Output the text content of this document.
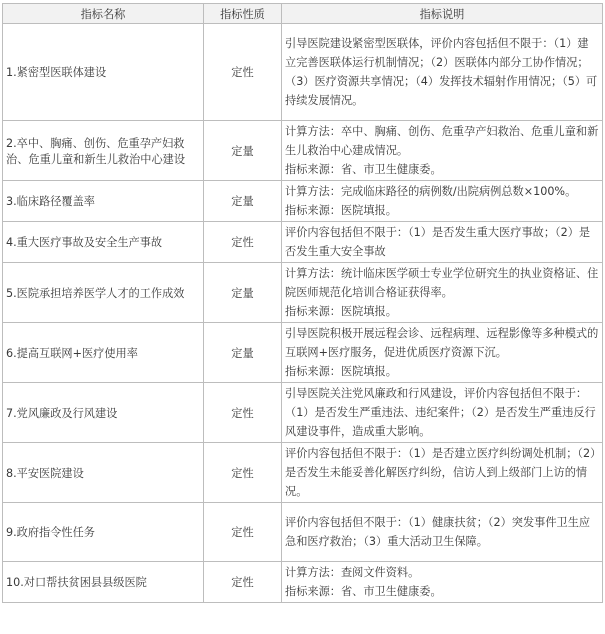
指标名称	指标性质	指标说明
1.紧密型医联体建设	定性	引导医院建设紧密型医联体，评价内容包括但不限于：（1）建立完善医联体运行机制情况；（2）医联体内部分工协作情况；（3）医疗资源共享情况；（4）发挥技术辐射作用情况；（5）可持续发展情况。

2.卒中、胸痛、创伤、危重孕产妇救治、危重儿童和新生儿救治中心建设	定量	计算方法：卒中、胸痛、创伤、危重孕产妇救治、危重儿童和新生儿救治中心建成情况。
指标来源：省、市卫生健康委。

3.临床路径覆盖率	定量	计算方法：完成临床路径的病例数/出院病例总数×100%。
指标来源：医院填报。

4.重大医疗事故及安全生产事故	定性	评价内容包括但不限于：（1）是否发生重大医疗事故；（2）是否发生重大安全事故

5.医院承担培养医学人才的工作成效	定量	计算方法：统计临床医学硕士专业学位研究生的执业资格证、住院医师规范化培训合格证获得率。
指标来源：医院填报。

6.提高互联网+医疗使用率	定量	引导医院积极开展远程会诊、远程病理、远程影像等多种模式的互联网+医疗服务，促进优质医疗资源下沉。
指标来源：医院填报。

7.党风廉政及行风建设	定性	引导医院关注党风廉政和行风建设，评价内容包括但不限于：（1）是否发生严重违法、违纪案件；（2）是否发生严重违反行风建设事件，造成重大影响。

8.平安医院建设	定性	评价内容包括但不限于：（1）是否建立医疗纠纷调处机制；（2）是否发生未能妥善化解医疗纠纷，信访人到上级部门上访的情况。

9.政府指令性任务	定性	评价内容包括但不限于：（1）健康扶贫；（2）突发事件卫生应急和医疗救治；（3）重大活动卫生保障。

10.对口帮扶贫困县县级医院	定性	计算方法：查阅文件资料。
指标来源：省、市卫生健康委。
